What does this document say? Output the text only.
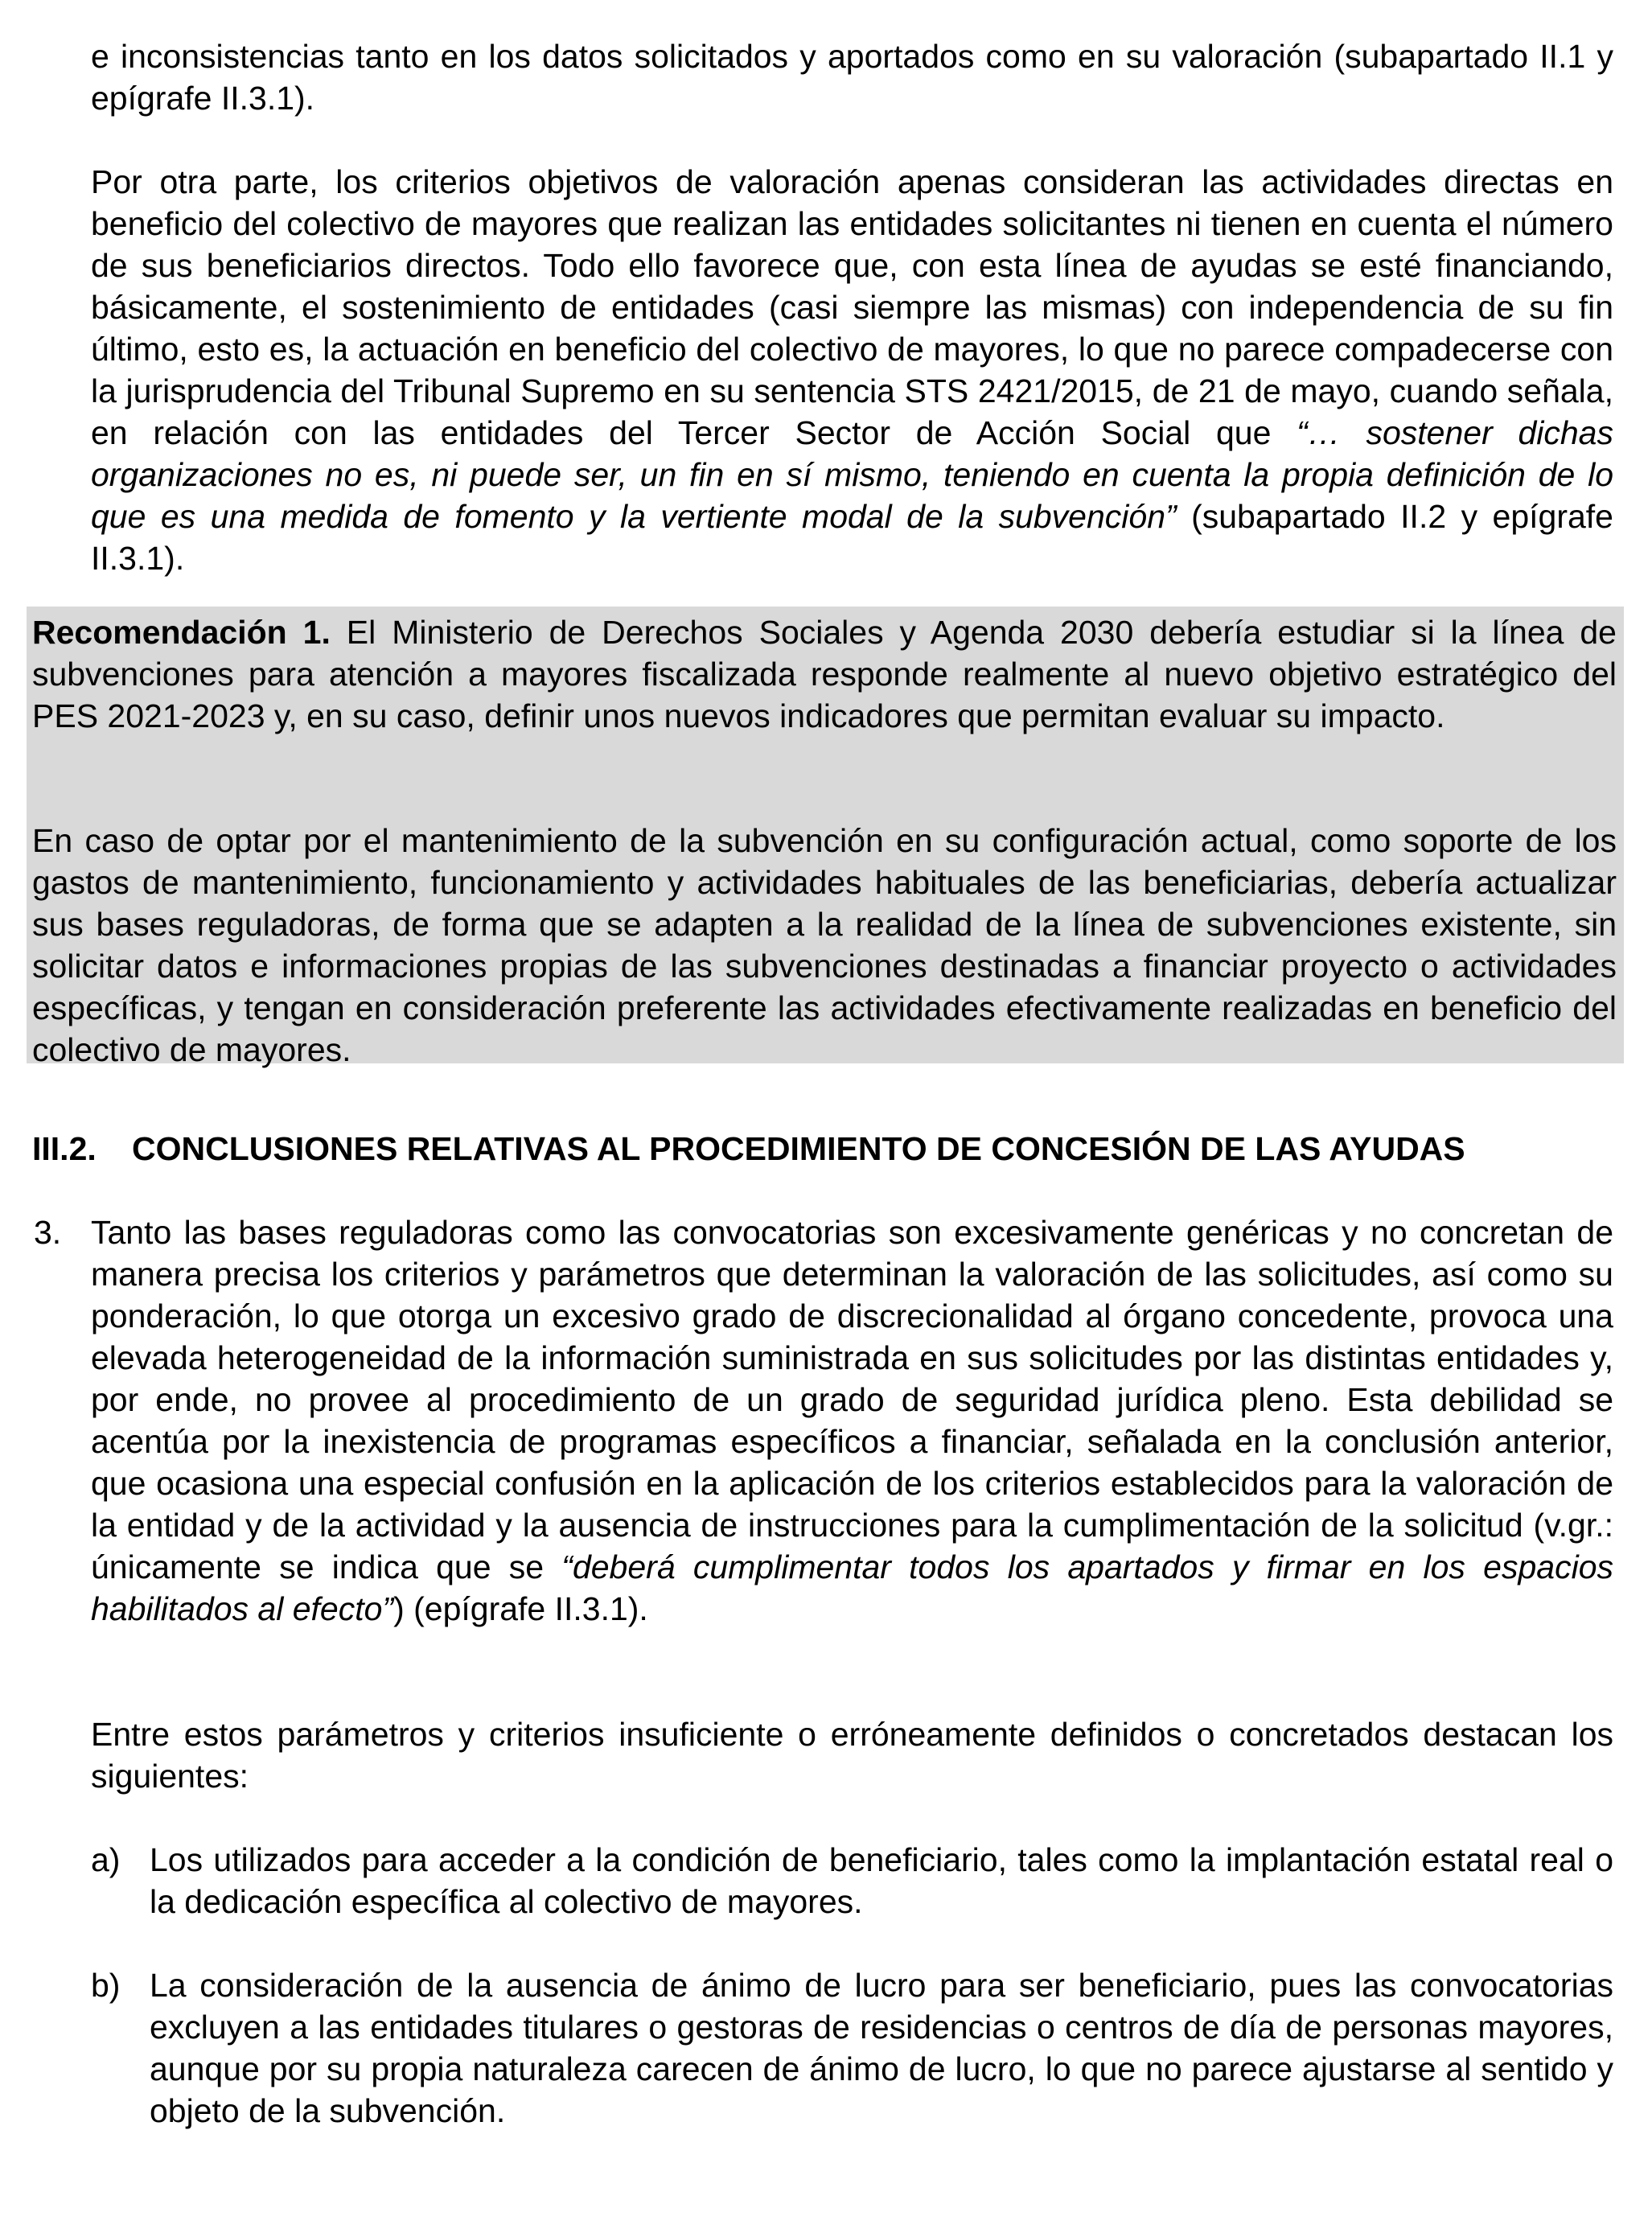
e inconsistencias tanto en los datos solicitados y aportados como en su valoración (subapartado II.1 y epígrafe II.3.1).

Por otra parte, los criterios objetivos de valoración apenas consideran las actividades directas en beneficio del colectivo de mayores que realizan las entidades solicitantes ni tienen en cuenta el número de sus beneficiarios directos. Todo ello favorece que, con esta línea de ayudas se esté financiando, básicamente, el sostenimiento de entidades (casi siempre las mismas) con independencia de su fin último, esto es, la actuación en beneficio del colectivo de mayores, lo que no parece compadecerse con la jurisprudencia del Tribunal Supremo en su sentencia STS 2421/2015, de 21 de mayo, cuando señala, en relación con las entidades del Tercer Sector de Acción Social que “… sostener dichas organizaciones no es, ni puede ser, un fin en sí mismo, teniendo en cuenta la propia definición de lo que es una medida de fomento y la vertiente modal de la subvención” (subapartado II.2 y epígrafe II.3.1).

Recomendación 1. El Ministerio de Derechos Sociales y Agenda 2030 debería estudiar si la línea de subvenciones para atención a mayores fiscalizada responde realmente al nuevo objetivo estratégico del PES 2021-2023 y, en su caso, definir unos nuevos indicadores que permitan evaluar su impacto.

En caso de optar por el mantenimiento de la subvención en su configuración actual, como soporte de los gastos de mantenimiento, funcionamiento y actividades habituales de las beneficiarias, debería actualizar sus bases reguladoras, de forma que se adapten a la realidad de la línea de subvenciones existente, sin solicitar datos e informaciones propias de las subvenciones destinadas a financiar proyecto o actividades específicas, y tengan en consideración preferente las actividades efectivamente realizadas en beneficio del colectivo de mayores.

III.2. CONCLUSIONES RELATIVAS AL PROCEDIMIENTO DE CONCESIÓN DE LAS AYUDAS
3. Tanto las bases reguladoras como las convocatorias son excesivamente genéricas y no concretan de manera precisa los criterios y parámetros que determinan la valoración de las solicitudes, así como su ponderación, lo que otorga un excesivo grado de discrecionalidad al órgano concedente, provoca una elevada heterogeneidad de la información suministrada en sus solicitudes por las distintas entidades y, por ende, no provee al procedimiento de un grado de seguridad jurídica pleno. Esta debilidad se acentúa por la inexistencia de programas específicos a financiar, señalada en la conclusión anterior, que ocasiona una especial confusión en la aplicación de los criterios establecidos para la valoración de la entidad y de la actividad y la ausencia de instrucciones para la cumplimentación de la solicitud (v.gr.: únicamente se indica que se “deberá cumplimentar todos los apartados y firmar en los espacios habilitados al efecto”) (epígrafe II.3.1).

Entre estos parámetros y criterios insuficiente o erróneamente definidos o concretados destacan los siguientes:

a) Los utilizados para acceder a la condición de beneficiario, tales como la implantación estatal real o la dedicación específica al colectivo de mayores.

b) La consideración de la ausencia de ánimo de lucro para ser beneficiario, pues las convocatorias excluyen a las entidades titulares o gestoras de residencias o centros de día de personas mayores, aunque por su propia naturaleza carecen de ánimo de lucro, lo que no parece ajustarse al sentido y objeto de la subvención.
